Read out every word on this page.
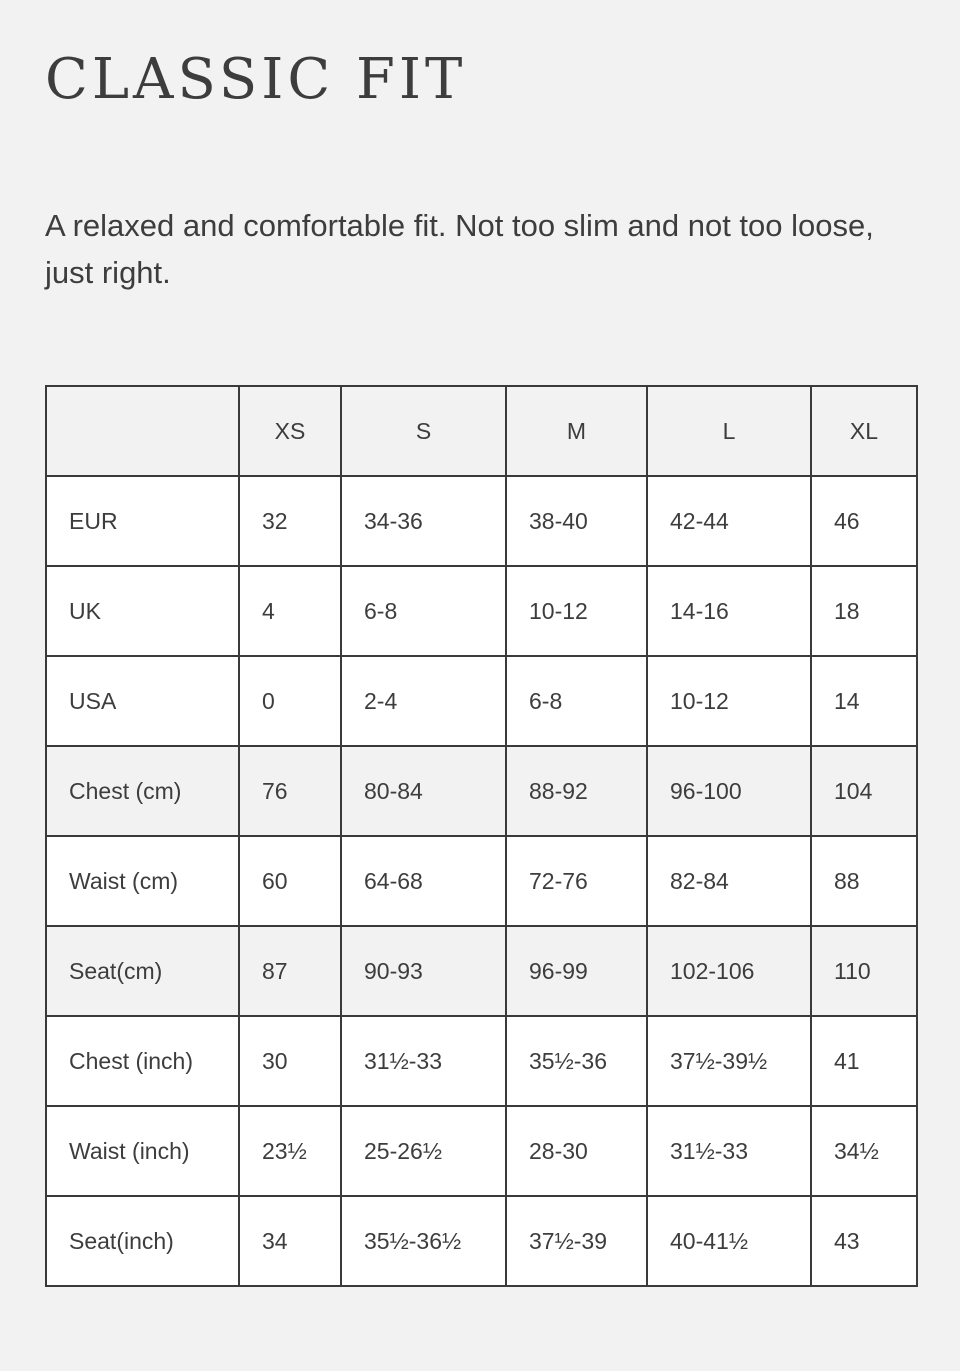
CLASSIC FIT

A relaxed and comfortable fit. Not too slim and not too loose, just right.

	XS	S	M	L	XL
EUR	32	34-36	38-40	42-44	46
UK	4	6-8	10-12	14-16	18
USA	0	2-4	6-8	10-12	14
Chest (cm)	76	80-84	88-92	96-100	104
Waist (cm)	60	64-68	72-76	82-84	88
Seat(cm)	87	90-93	96-99	102-106	110
Chest (inch)	30	31½-33	35½-36	37½-39½	41
Waist (inch)	23½	25-26½	28-30	31½-33	34½
Seat(inch)	34	35½-36½	37½-39	40-41½	43
